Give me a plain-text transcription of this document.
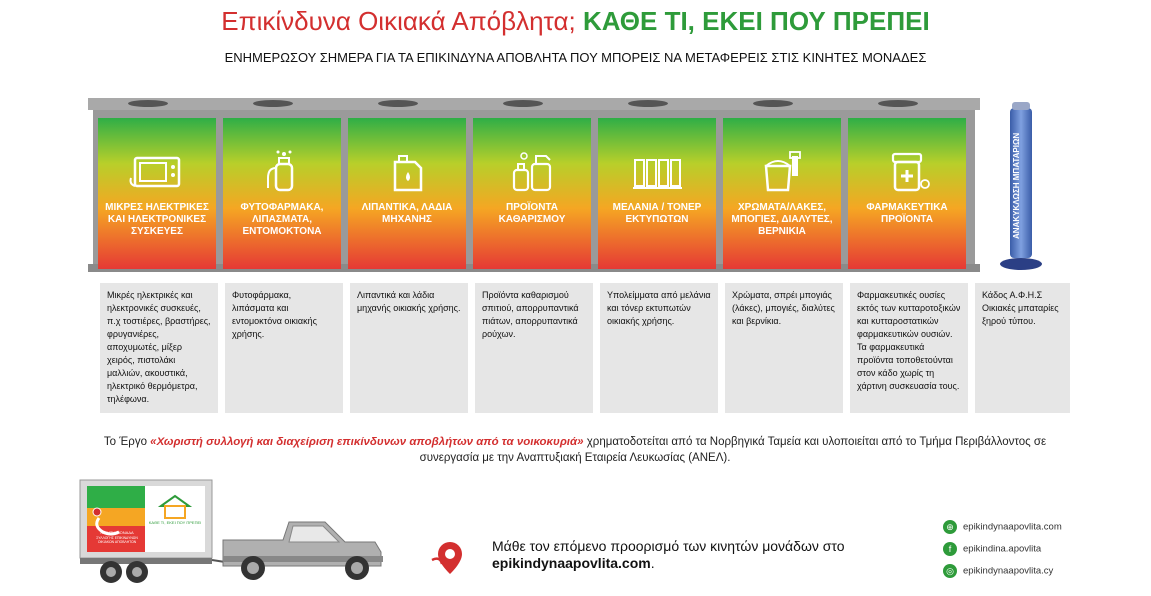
Επικίνδυνα Οικιακά Απόβλητα; ΚΑΘΕ ΤΙ, ΕΚΕΙ ΠΟΥ ΠΡΕΠΕΙ
ΕΝΗΜΕΡΩΣΟΥ ΣΗΜΕΡΑ ΓΙΑ ΤΑ ΕΠΙΚΙΝΔΥΝΑ ΑΠΟΒΛΗΤΑ ΠΟΥ ΜΠΟΡΕΙΣ ΝΑ ΜΕΤΑΦΕΡΕΙΣ ΣΤΙΣ ΚΙΝΗΤΕΣ ΜΟΝΑΔΕΣ
ΜΙΚΡΕΣ ΗΛΕΚΤΡΙΚΕΣ ΚΑΙ ΗΛΕΚΤΡΟΝΙΚΕΣ ΣΥΣΚΕΥΕΣ
ΦΥΤΟΦΑΡΜΑΚΑ, ΛΙΠΑΣΜΑΤΑ, ΕΝΤΟΜΟΚΤΟΝΑ
ΛΙΠΑΝΤΙΚΑ, ΛΑΔΙΑ ΜΗΧΑΝΗΣ
ΠΡΟΪΟΝΤΑ ΚΑΘΑΡΙΣΜΟΥ
ΜΕΛΑΝΙΑ / ΤΟΝΕΡ ΕΚΤΥΠΩΤΩΝ
ΧΡΩΜΑΤΑ/ΛΑΚΕΣ, ΜΠΟΓΙΕΣ, ΔΙΑΛΥΤΕΣ, ΒΕΡΝΙΚΙΑ
ΦΑΡΜΑΚΕΥΤΙΚΑ ΠΡΟΪΟΝΤΑ	ΑΝΑΚΥΚΛΩΣΗ ΜΠΑΤΑΡΙΩΝ
Μικρές ηλεκτρικές και ηλεκτρονικές συσκευές, π.χ τοστιέρες, βραστήρες, φρυγανιέρες, αποχυμωτές, μίξερ χειρός, πιστολάκι μαλλιών, ακουστικά, ηλεκτρικό θερμόμετρα, τηλέφωνα.
Φυτοφάρμακα, λιπάσματα και εντομοκτόνα οικιακής χρήσης.
Λιπαντικά και λάδια μηχανής οικιακής χρήσης.
Προϊόντα καθαρισμού σπιτιού, απορρυπαντικά πιάτων, απορρυπαντικά ρούχων.
Υπολείμματα από μελάνια και τόνερ εκτυπωτών οικιακής χρήσης.
Χρώματα, σπρέι μπογιάς (λάκες), μπογιές, διαλύτες και βερνίκια.
Φαρμακευτικές ουσίες εκτός των κυτταροτοξικών και κυτταροστατικών φαρμακευτικών ουσιών. Τα φαρμακευτικά προϊόντα τοποθετούνται στον κάδο χωρίς τη χάρτινη συσκευασία τους.
Κάδος Α.Φ.Η.Σ Οικιακές μπαταρίες ξηρού τύπου.
Το Έργο «Χωριστή συλλογή και διαχείριση επικίνδυνων αποβλήτων από τα νοικοκυριά» χρηματοδοτείται από τα Νορβηγικά Ταμεία και υλοποιείται από το Τμήμα Περιβάλλοντος σε συνεργασία με την Αναπτυξιακή Εταιρεία Λευκωσίας (ΑΝΕΛ).
ΚΙΝΗΤΗ ΜΟΝΑΔΑ
ΣΥΛΛΟΓΗΣ ΕΠΙΚΙΝΔΥΝΩΝ
ΟΙΚΙΑΚΩΝ ΑΠΟΒΛΗΤΩΝ
ΚΑΘΕ ΤΙ, ΕΚΕΙ ΠΟΥ ΠΡΕΠΕΙ
Μάθε τον επόμενο προορισμό των κινητών μονάδων στο
epikindynaapovlita.com.
⊕ epikindynaapovlita.com
f epikindina.apovlita
◎ epikindynaapovlita.cy
